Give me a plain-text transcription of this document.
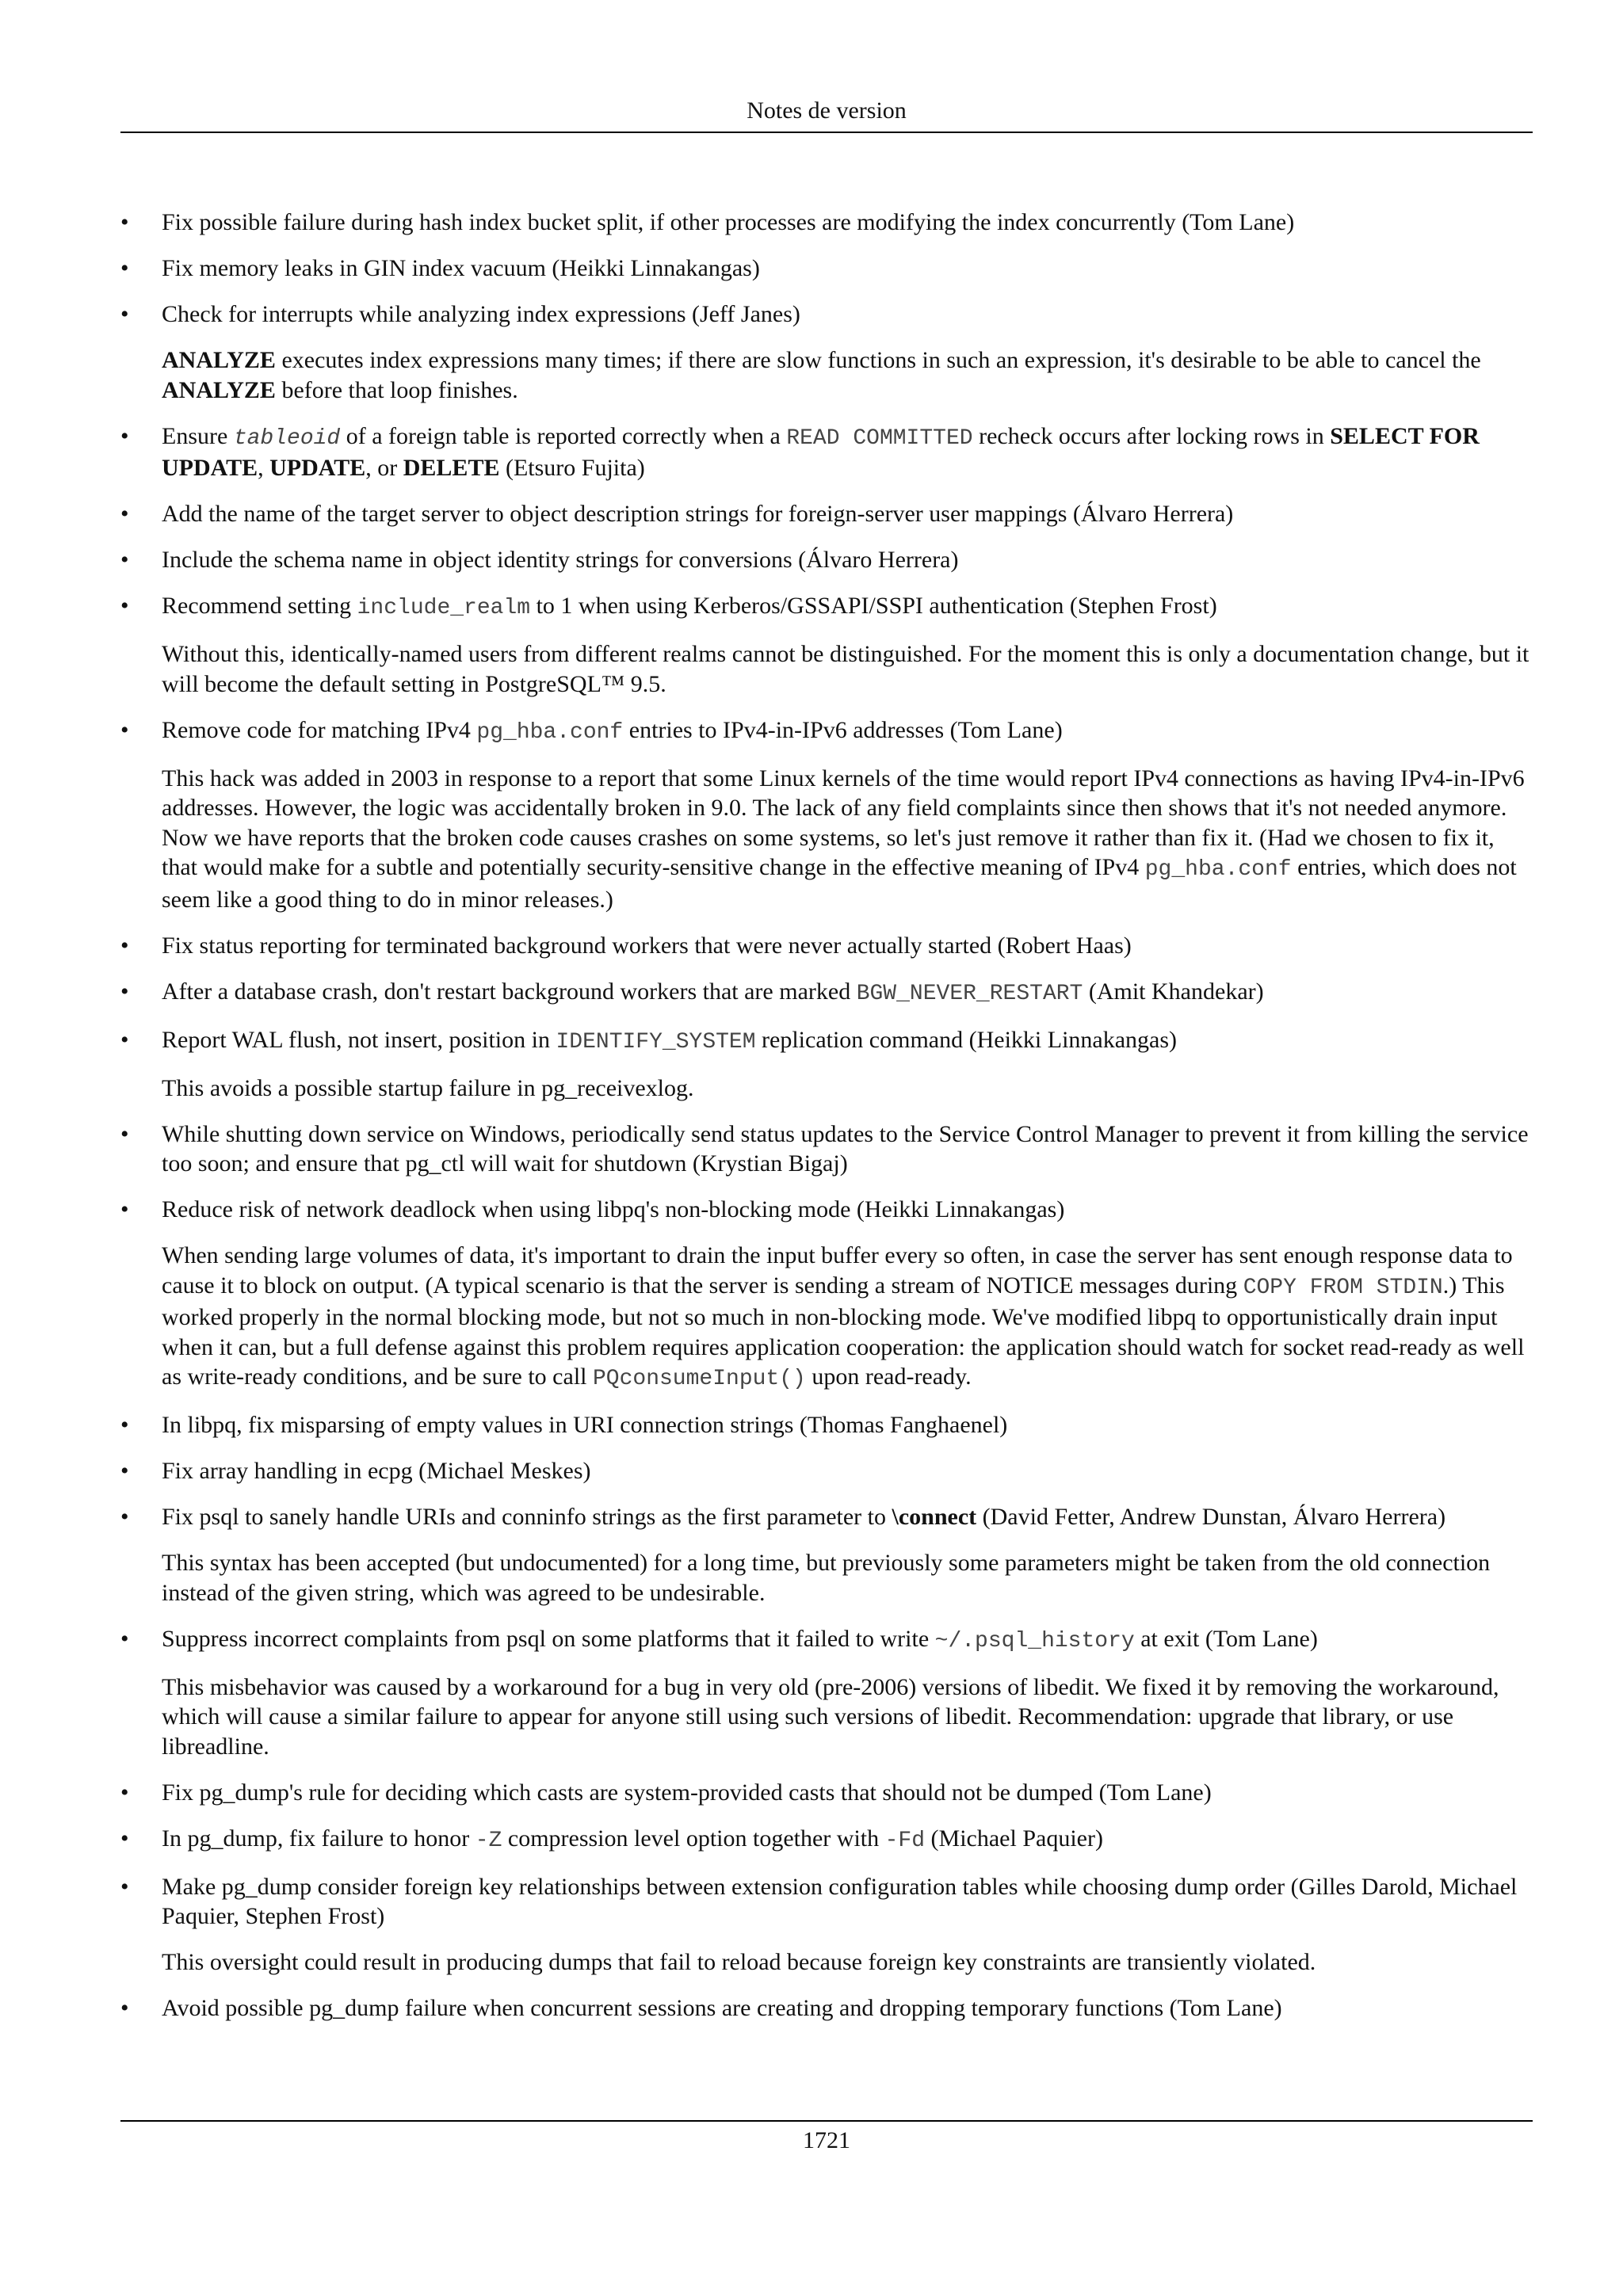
Notes de version
•	Fix possible failure during hash index bucket split, if other processes are modifying the index concurrently (Tom Lane)
•	Fix memory leaks in GIN index vacuum (Heikki Linnakangas)
•	Check for interrupts while analyzing index expressions (Jeff Janes)
ANALYZE executes index expressions many times; if there are slow functions in such an expression, it's desirable to be able to cancel the ANALYZE before that loop finishes.
•	Ensure tableoid of a foreign table is reported correctly when a READ COMMITTED recheck occurs after locking rows in SELECT FOR UPDATE, UPDATE, or DELETE (Etsuro Fujita)
•	Add the name of the target server to object description strings for foreign-server user mappings (Álvaro Herrera)
•	Include the schema name in object identity strings for conversions (Álvaro Herrera)
•	Recommend setting include_realm to 1 when using Kerberos/GSSAPI/SSPI authentication (Stephen Frost)
Without this, identically-named users from different realms cannot be distinguished. For the moment this is only a documentation change, but it will become the default setting in PostgreSQL™ 9.5.
•	Remove code for matching IPv4 pg_hba.conf entries to IPv4-in-IPv6 addresses (Tom Lane)
This hack was added in 2003 in response to a report that some Linux kernels of the time would report IPv4 connections as having IPv4-in-IPv6 addresses. However, the logic was accidentally broken in 9.0. The lack of any field complaints since then shows that it's not needed anymore. Now we have reports that the broken code causes crashes on some systems, so let's just remove it rather than fix it. (Had we chosen to fix it, that would make for a subtle and potentially security-sensitive change in the effective meaning of IPv4 pg_hba.conf entries, which does not seem like a good thing to do in minor releases.)
•	Fix status reporting for terminated background workers that were never actually started (Robert Haas)
•	After a database crash, don't restart background workers that are marked BGW_NEVER_RESTART (Amit Khandekar)
•	Report WAL flush, not insert, position in IDENTIFY_SYSTEM replication command (Heikki Linnakangas)
This avoids a possible startup failure in pg_receivexlog.
•	While shutting down service on Windows, periodically send status updates to the Service Control Manager to prevent it from killing the service too soon; and ensure that pg_ctl will wait for shutdown (Krystian Bigaj)
•	Reduce risk of network deadlock when using libpq's non-blocking mode (Heikki Linnakangas)
When sending large volumes of data, it's important to drain the input buffer every so often, in case the server has sent enough response data to cause it to block on output. (A typical scenario is that the server is sending a stream of NOTICE messages during COPY FROM STDIN.) This worked properly in the normal blocking mode, but not so much in non-blocking mode. We've modified libpq to opportunistically drain input when it can, but a full defense against this problem requires application cooperation: the application should watch for socket read-ready as well as write-ready conditions, and be sure to call PQconsumeInput() upon read-ready.
•	In libpq, fix misparsing of empty values in URI connection strings (Thomas Fanghaenel)
•	Fix array handling in ecpg (Michael Meskes)
•	Fix psql to sanely handle URIs and conninfo strings as the first parameter to \connect (David Fetter, Andrew Dunstan, Álvaro Herrera)
This syntax has been accepted (but undocumented) for a long time, but previously some parameters might be taken from the old connection instead of the given string, which was agreed to be undesirable.
•	Suppress incorrect complaints from psql on some platforms that it failed to write ~/.psql_history at exit (Tom Lane)
This misbehavior was caused by a workaround for a bug in very old (pre-2006) versions of libedit. We fixed it by removing the workaround, which will cause a similar failure to appear for anyone still using such versions of libedit. Recommendation: upgrade that library, or use libreadline.
•	Fix pg_dump's rule for deciding which casts are system-provided casts that should not be dumped (Tom Lane)
•	In pg_dump, fix failure to honor -Z compression level option together with -Fd (Michael Paquier)
•	Make pg_dump consider foreign key relationships between extension configuration tables while choosing dump order (Gilles Darold, Michael Paquier, Stephen Frost)
This oversight could result in producing dumps that fail to reload because foreign key constraints are transiently violated.
•	Avoid possible pg_dump failure when concurrent sessions are creating and dropping temporary functions (Tom Lane)
1721
